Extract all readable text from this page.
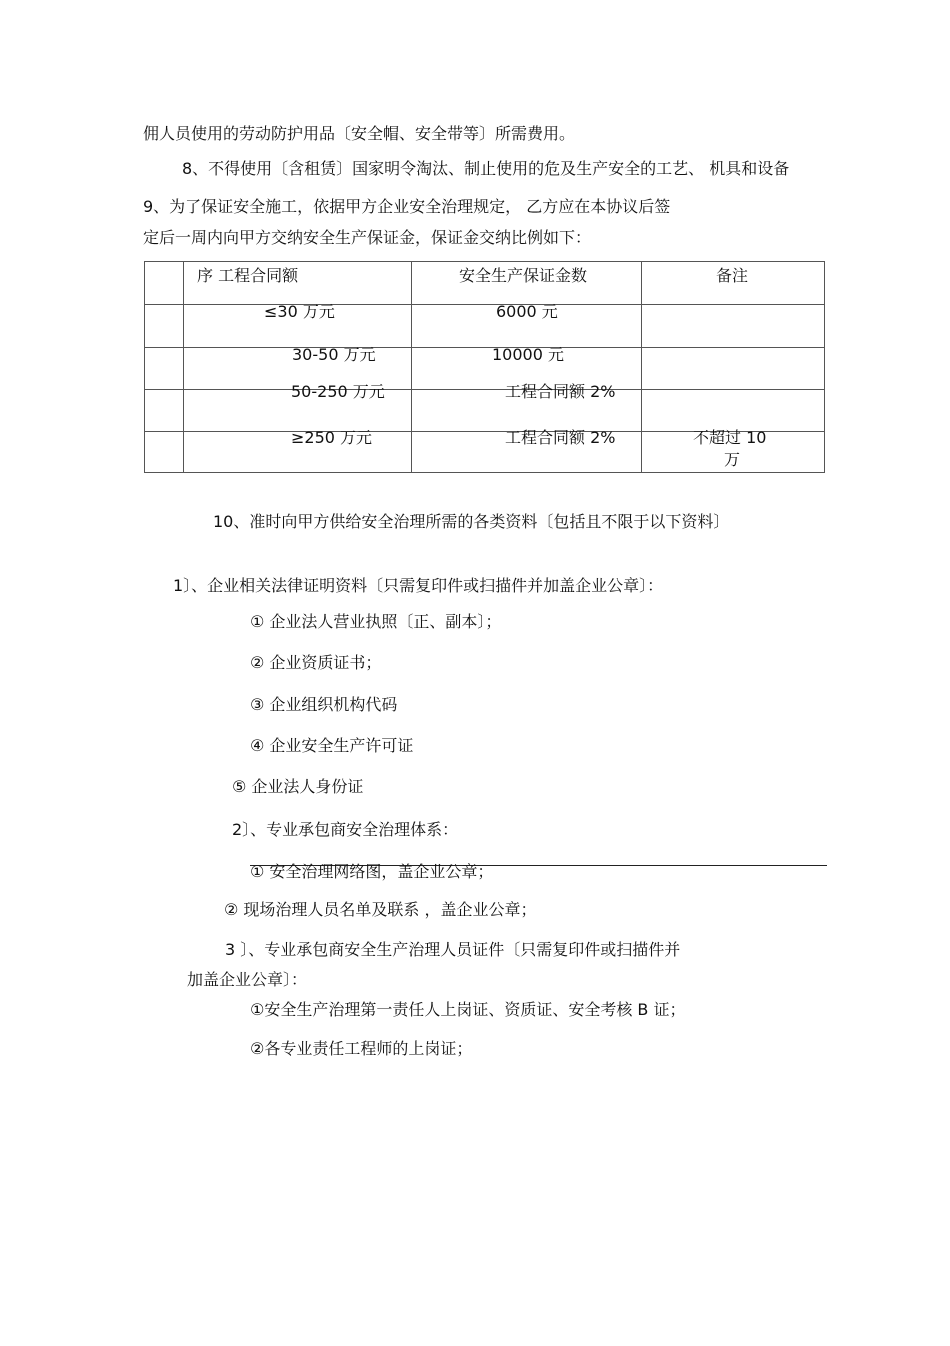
佣人员使用的劳动防护用品〔安全帽、安全带等〕所需费用。
8、不得使用〔含租赁〕国家明令淘汰、制止使用的危及生产安全的工艺、 机具和设备
9、为了保证安全施工，依据甲方企业安全治理规定， 乙方应在本协议后签
定后一周内向甲方交纳安全生产保证金，保证金交纳比例如下：
序 工程合同额	安全生产保证金数	备注
≤30 万元	6000 元
30-50 万元	10000 元
50-250 万元	工程合同额 2%
≥250 万元	工程合同额 2%	不超过 10
万
10、准时向甲方供给安全治理所需的各类资料〔包括且不限于以下资料〕
1〕、企业相关法律证明资料〔只需复印件或扫描件并加盖企业公章〕：
① 企业法人营业执照〔正、副本〕；
② 企业资质证书；
③ 企业组织机构代码
④ 企业安全生产许可证
⑤ 企业法人身份证
2〕、专业承包商安全治理体系：
① 安全治理网络图，盖企业公章；
② 现场治理人员名单及联系 ，盖企业公章；
3 〕、专业承包商安全生产治理人员证件〔只需复印件或扫描件并
加盖企业公章〕：
①安全生产治理第一责任人上岗证、资质证、安全考核 B 证；
②各专业责任工程师的上岗证；
